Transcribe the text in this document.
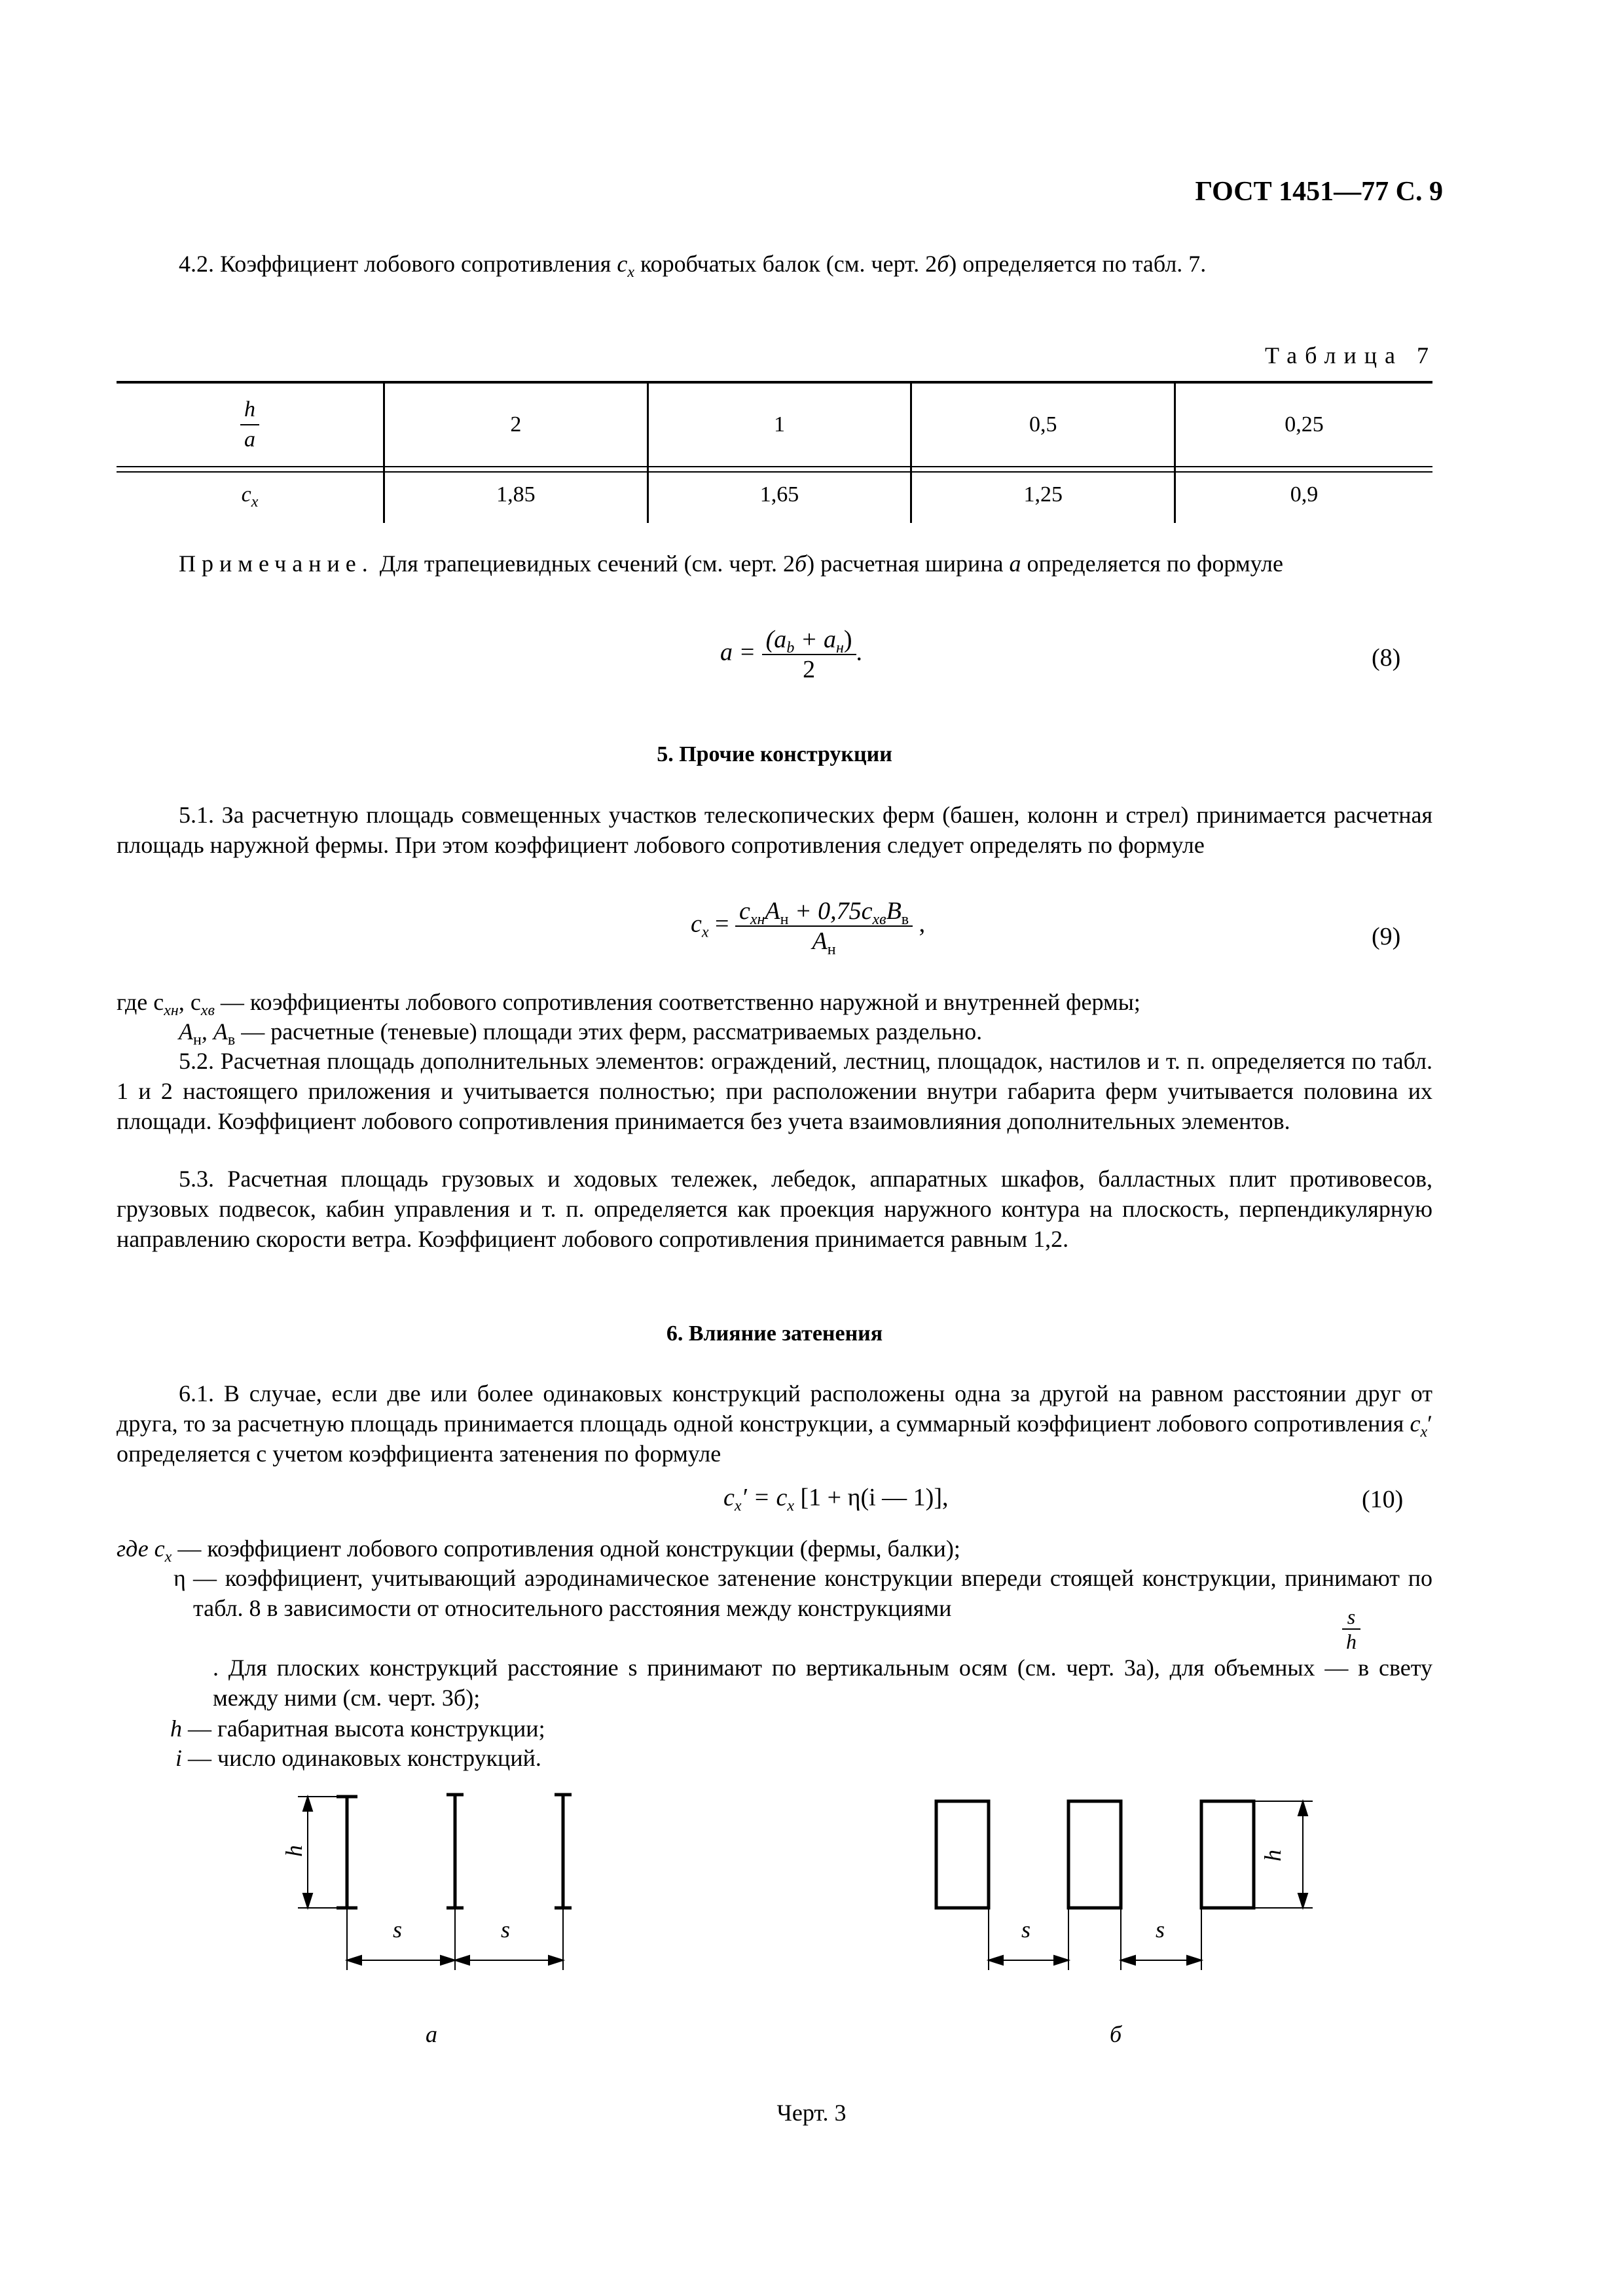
ГОСТ 1451—77 С. 9
4.2. Коэффициент лобового сопротивления $c_x$ коробчатых балок (см. черт. 2б) определяется по табл. 7.
Таблица 7
$\frac{h}{a}$	2	1	0,5	0,25
$c_x$	1,85	1,65	1,25	0,9
Примечание. Для трапециевидных сечений (см. черт. 2б) расчетная ширина a определяется по формуле
$a = \frac{(a_b + a_н)}{2}$ .	(8)
5. Прочие конструкции
5.1. За расчетную площадь совмещенных участков телескопических ферм (башен, колонн и стрел) принимается расчетная площадь наружной фермы. При этом коэффициент лобового сопротивления следует определять по формуле
$c_x = \frac{c_{xн}A_н + 0,75c_{xв}B_в}{A_н}$ ,	(9)
где $c_{xн}$, $c_{xв}$ — коэффициенты лобового сопротивления соответственно наружной и внутренней фермы;
$A_н$, $A_в$ — расчетные (теневые) площади этих ферм, рассматриваемых раздельно.
5.2. Расчетная площадь дополнительных элементов: ограждений, лестниц, площадок, настилов и т. п. определяется по табл. 1 и 2 настоящего приложения и учитывается полностью; при расположении внутри габарита ферм учитывается половина их площади. Коэффициент лобового сопротивления принимается без учета взаимовлияния дополнительных элементов.
5.3. Расчетная площадь грузовых и ходовых тележек, лебедок, аппаратных шкафов, балластных плит противовесов, грузовых подвесок, кабин управления и т. п. определяется как проекция наружного контура на плоскость, перпендикулярную направлению скорости ветра. Коэффициент лобового сопротивления принимается равным 1,2.
6. Влияние затенения
6.1. В случае, если две или более одинаковых конструкций расположены одна за другой на равном расстоянии друг от друга, то за расчетную площадь принимается площадь одной конструкции, а суммарный коэффициент лобового сопротивления $c_x'$ определяется с учетом коэффициента затенения по формуле
$c_x' = c_x$ [1 + η(i — 1)],	(10)
где $c_x$ — коэффициент лобового сопротивления одной конструкции (фермы, балки);
η — коэффициент, учитывающий аэродинамическое затенение конструкции впереди стоящей конструкции, принимают по табл. 8 в зависимости от относительного расстояния между конструкциями	$\frac{s}{h}$
. Для плоских конструкций расстояние s принимают по вертикальным осям (см. черт. 3а), для объемных — в свету между ними (см. черт. 3б);
h — габаритная высота конструкции;
i — число одинаковых конструкций.
h
s	s	s	s
h
а	б
Черт. 3
